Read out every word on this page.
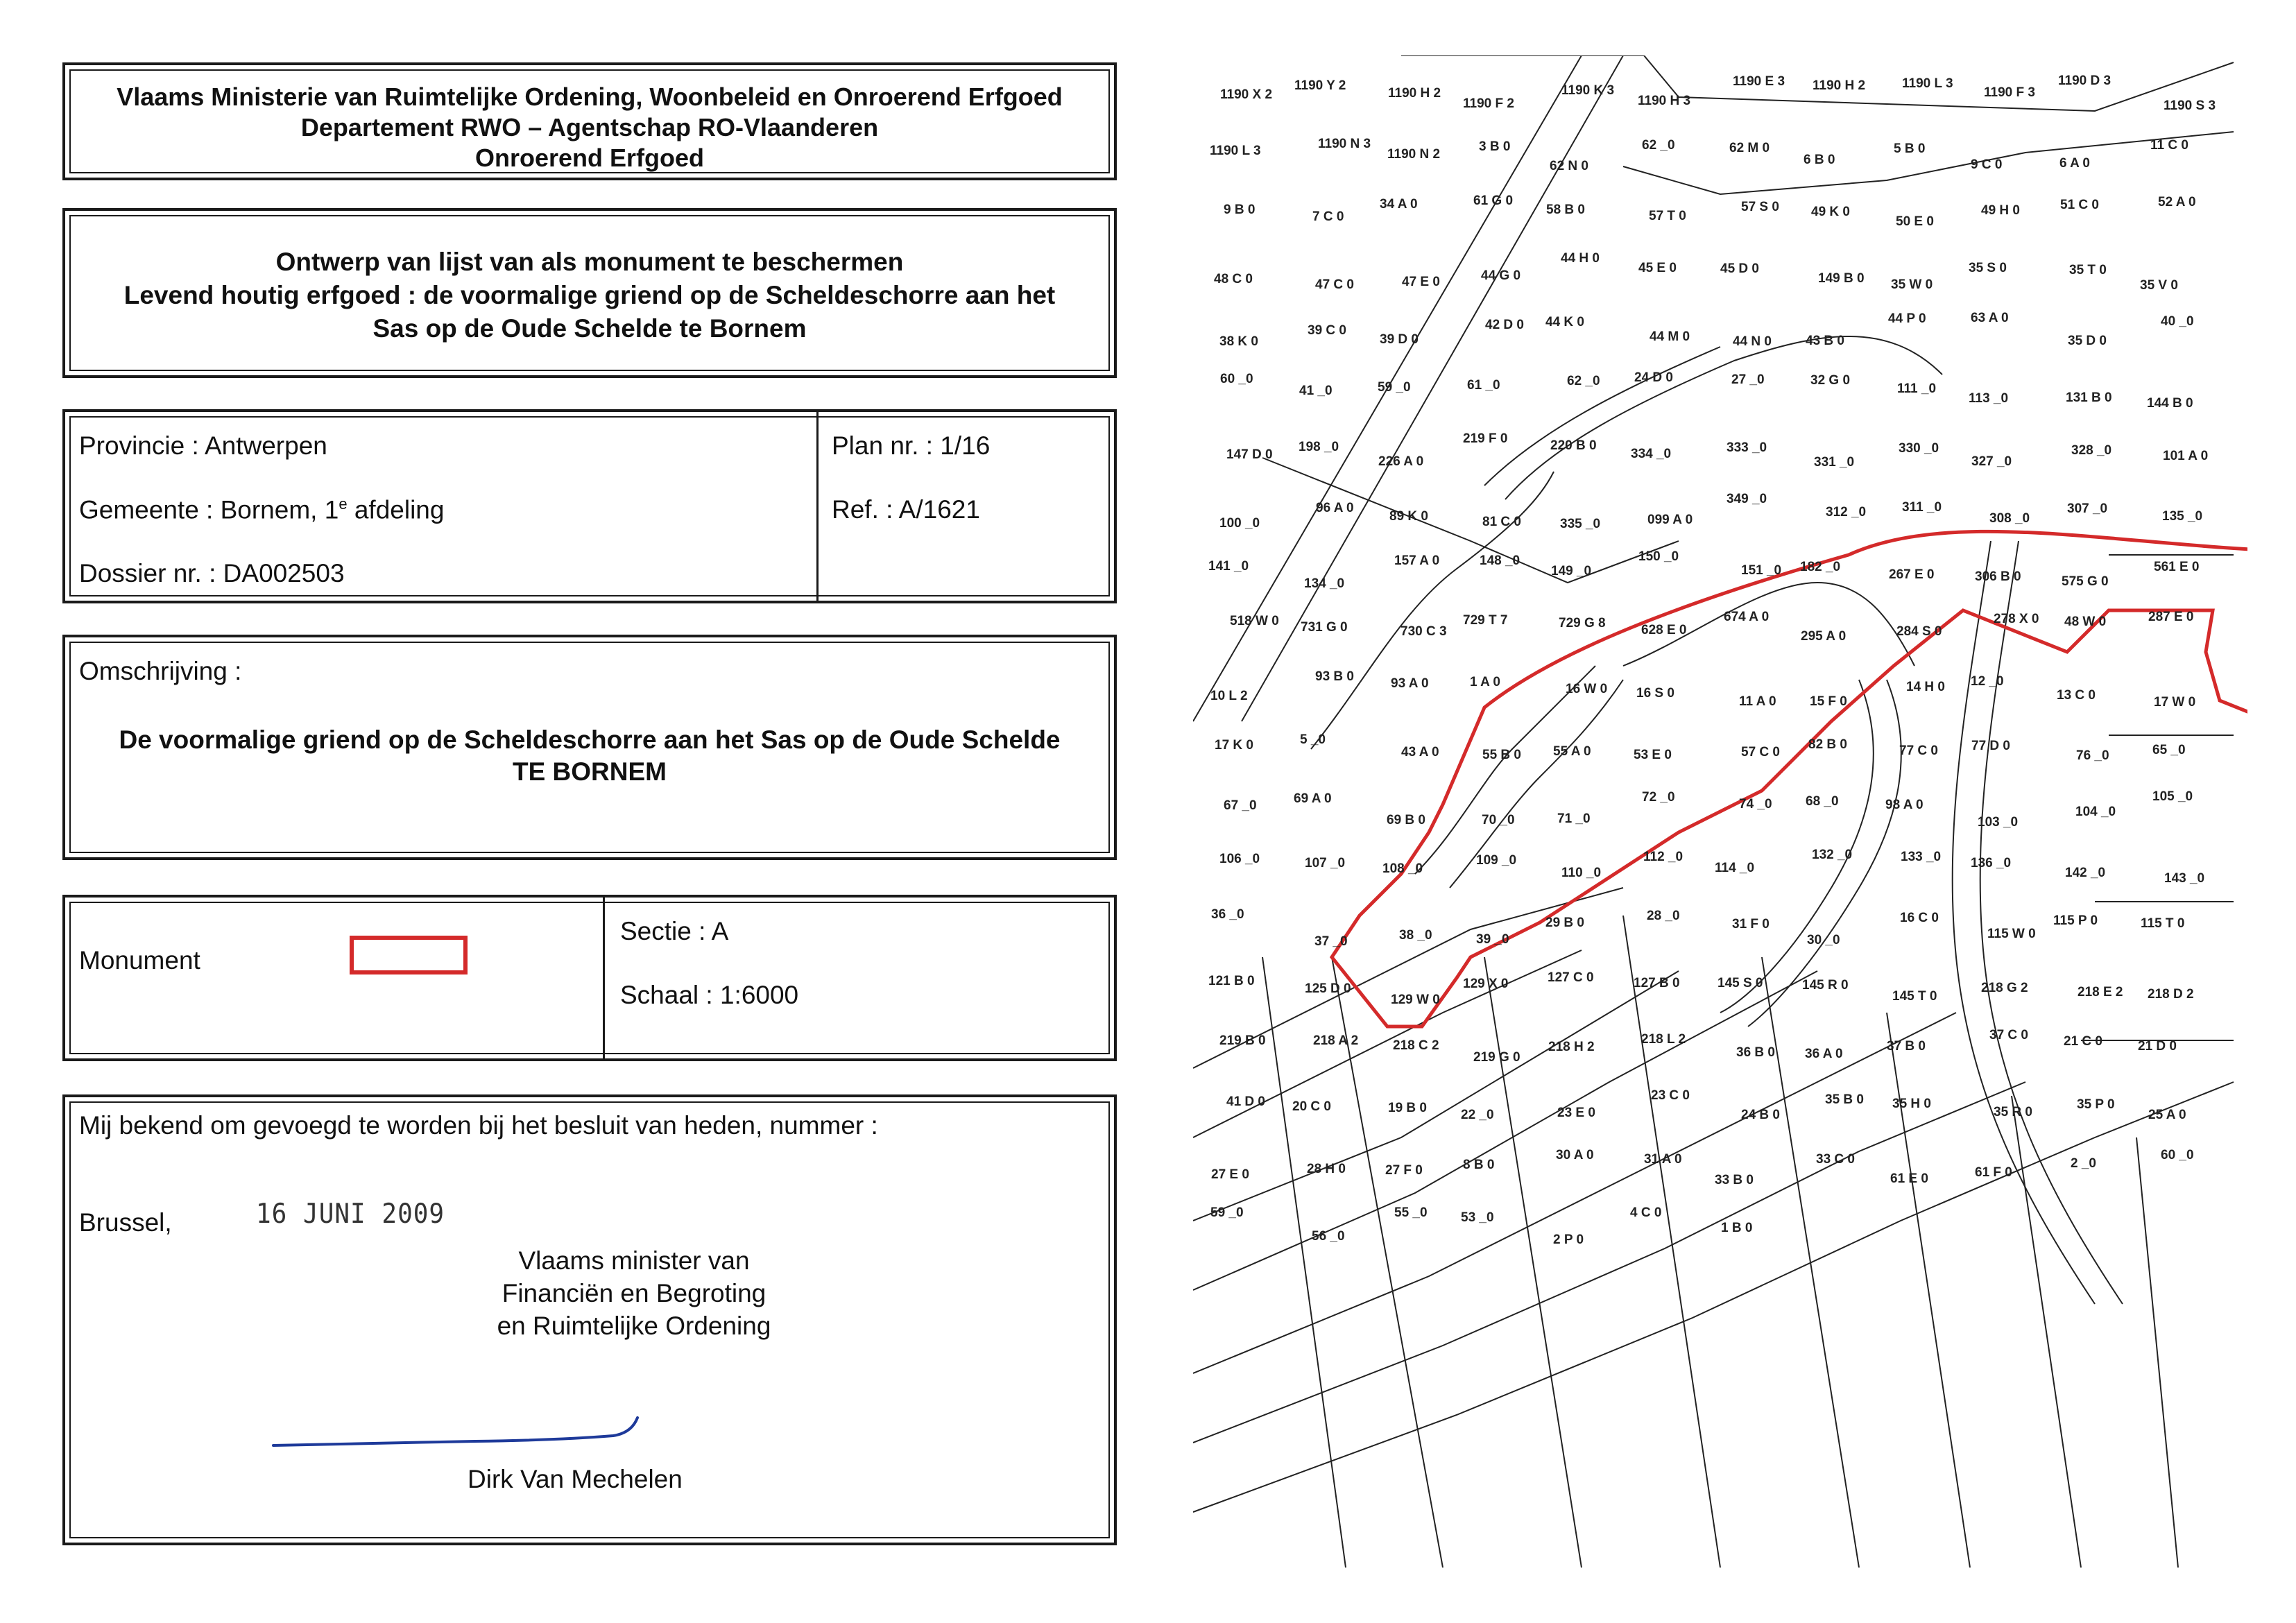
Vlaams Ministerie van Ruimtelijke Ordening, Woonbeleid en Onroerend Erfgoed
Departement RWO – Agentschap RO-Vlaanderen
Onroerend Erfgoed
Ontwerp van lijst van als monument te beschermen
Levend houtig erfgoed : de voormalige griend op de Scheldeschorre aan het
Sas op de Oude Schelde te Bornem
Provincie : Antwerpen
Gemeente : Bornem, 1e afdeling
Dossier nr. : DA002503
Plan nr. : 1/16
Ref. : A/1621
Omschrijving :
De voormalige griend op de Scheldeschorre aan het Sas op de Oude Schelde
TE BORNEM
Monument
Sectie : A
Schaal : 1:6000
Mij bekend om gevoegd te worden bij het besluit van heden, nummer :
Brussel,	16 JUNI 2009
Vlaams minister van
Financiën en Begroting
en Ruimtelijke Ordening
Dirk Van Mechelen
1190 X 2
1190 Y 2
1190 H 2
1190 F 2
1190 K 3
1190 H 3
1190 E 3 1190 H 2	1190 L 3
1190 F 3
1190 D 3
1190 S 3
1190 L 3	1190 N 3
1190 N 2
3 B 0
62 N 0
62 _0	62 M 0
6 B 0
5 B 0
9 C 0	6 A 0
11 C 0
9 B 0	7 C 0
34 A 0	61 G 0
58 B 0	57 T 0
57 S 0 49 K 0
50 E 0
49 H 0	51 C 0	52 A 0
48 C 0	47 C 0	47 E 0	44 G 0
44 H 0
45 E 0	45 D 0
149 B 0 35 W 0
35 S 0	35 T 0
35 V 0
38 K 0
39 C 0
39 D 0
42 D 0 44 K 0
44 M 0	44 N 0	43 B 0
44 P 0	63 A 0
35 D 0
40 _0
60 _0
41 _0	59 _0	61 _0	62 _0	24 D 0	27 _0	32 G 0
111 _0
113 _0	131 B 0	144 B 0
147 D 0
198 _0
226 A 0
219 F 0	220 B 0
334 _0	333 _0
331 _0
330 _0
327 _0
328 _0	101 A 0
100 _0
96 A 0
89 K 0	81 C 0	335 _0	099 A 0
349 _0
312 _0	311 _0
308 _0
307 _0
135 _0
141 _0
134 _0
157 A 0	148 _0
149 _0
150 _0
151 _0 182 _0
267 E 0	306 B 0	575 G 0
561 E 0
518 W 0 731 G 0	730 C 3
729 T 7	729 G 8	628 E 0
674 A 0
295 A 0	284 S 0
278 X 0 48 W 0	287 E 0
10 L 2
93 B 0	93 A 0	1 A 0	16 W 0 16 S 0
11 A 0	15 F 0
14 H 0 12 _0
13 C 0	17 W 0
17 K 0	5 _0
43 A 0	55 B 0 55 A 0	53 E 0	57 C 0
82 B 0	77 C 0	77 D 0
76 _0	65 _0
67 _0	69 A 0
69 B 0	70 _0	71 _0
72 _0	74 _0	68 _0	98 A 0
103 _0
104 _0
105 _0
106 _0	107 _0	108 _0
109 _0
110 _0
112 _0
114 _0
132 _0	133 _0 136 _0
142 _0	143 _0
36 _0
37 _0	38 _0	39 _0
29 B 0	28 _0
31 F 0
30 _0
16 C 0
115 W 0
115 P 0	115 T 0
121 B 0
125 D 0
129 W 0
129 X 0	127 C 0	127 B 0	145 S 0	145 R 0
145 T 0
218 G 2	218 E 2 218 D 2
219 B 0	218 A 2	218 C 2
219 G 0
218 H 2
218 L 2
36 B 0 36 A 0
37 B 0
37 C 0	21 C 0	21 D 0
41 D 0 20 C 0	19 B 0	22 _0	23 E 0
23 C 0
24 B 0
35 B 0 35 H 0
35 R 0
35 P 0
25 A 0
27 E 0	28 H 0	27 F 0	8 B 0
30 A 0	31 A 0
33 B 0
33 C 0
61 E 0	61 F 0
2 _0
60 _0
59 _0
56 _0
55 _0	53 _0
2 P 0
4 C 0
1 B 0
